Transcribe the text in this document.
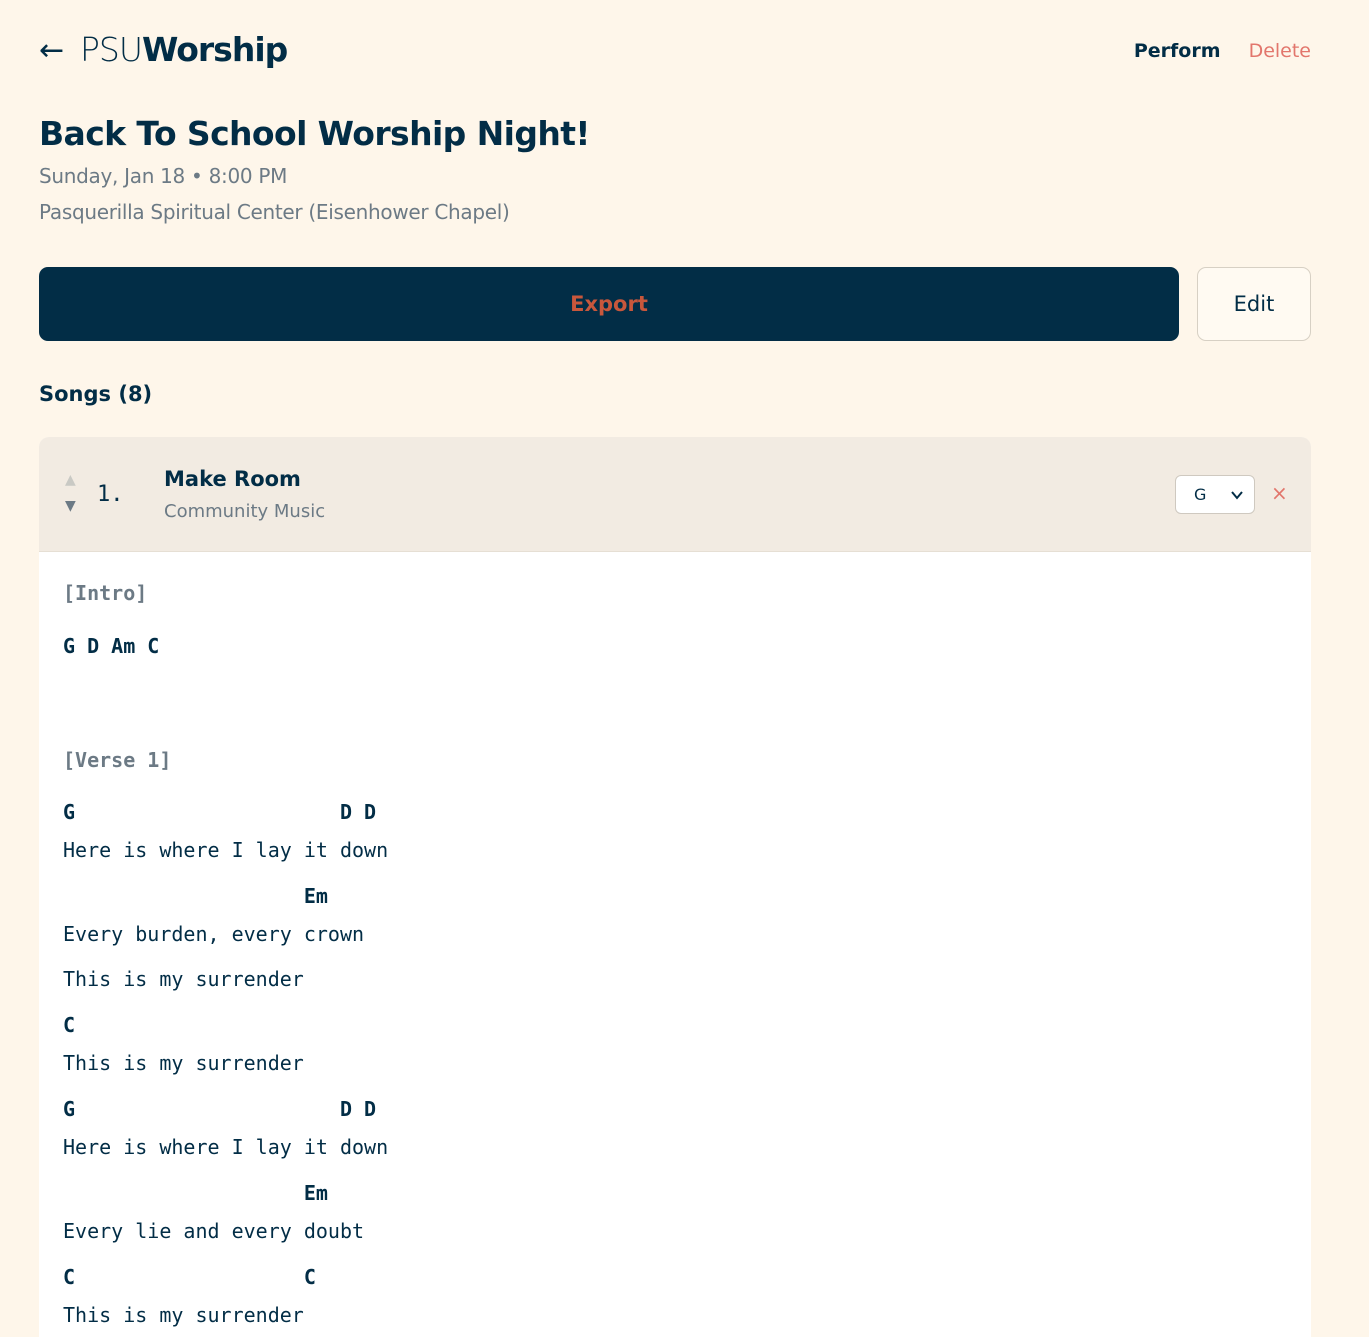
← PSUWorship	Perform Delete
Back To School Worship Night!
Sunday, Jan 18 • 8:00 PM
Pasquerilla Spiritual Center (Eisenhower Chapel)
Export	Edit
Songs (8)
▲
▼ 1.
Make Room
Community Music
G	×
[Intro]
G D Am C
[Verse 1]
G                      D D
Here is where I lay it down
Em
Every burden, every crown
This is my surrender
C
This is my surrender
G                      D D
Here is where I lay it down
Em
Every lie and every doubt
C                   C
This is my surrender
